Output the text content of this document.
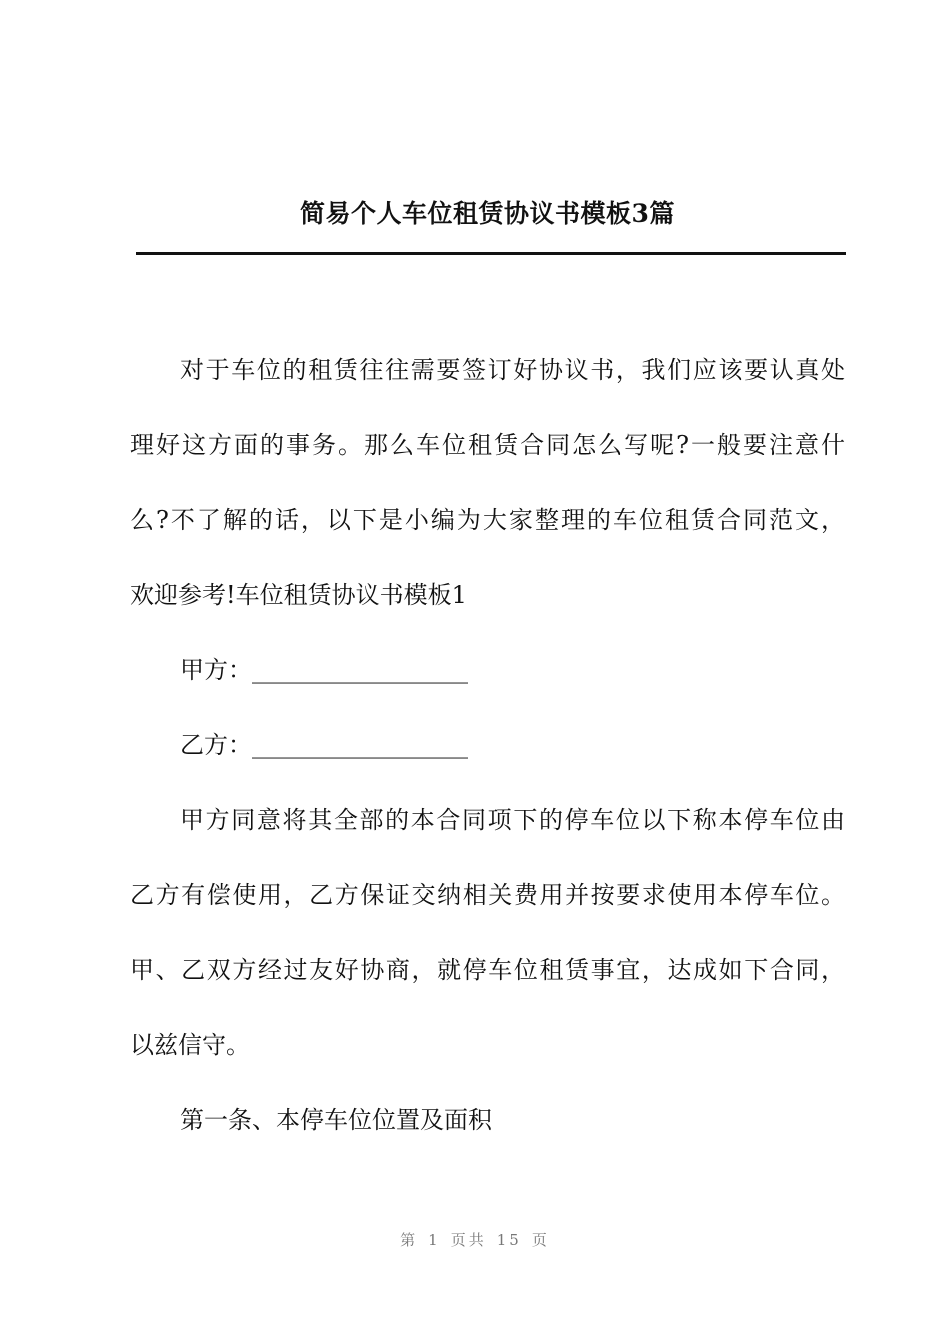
简易个人车位租赁协议书模板3篇
对于车位的租赁往往需要签订好协议书，我们应该要认真处
理好这方面的事务。那么车位租赁合同怎么写呢?一般要注意什
么?不了解的话，以下是小编为大家整理的车位租赁合同范文，
欢迎参考!车位租赁协议书模板1
甲方：__________________
乙方：__________________
甲方同意将其全部的本合同项下的停车位以下称本停车位由
乙方有偿使用，乙方保证交纳相关费用并按要求使用本停车位。
甲、乙双方经过友好协商，就停车位租赁事宜，达成如下合同，
以兹信守。
第一条、本停车位位置及面积
第 1 页共 15 页
